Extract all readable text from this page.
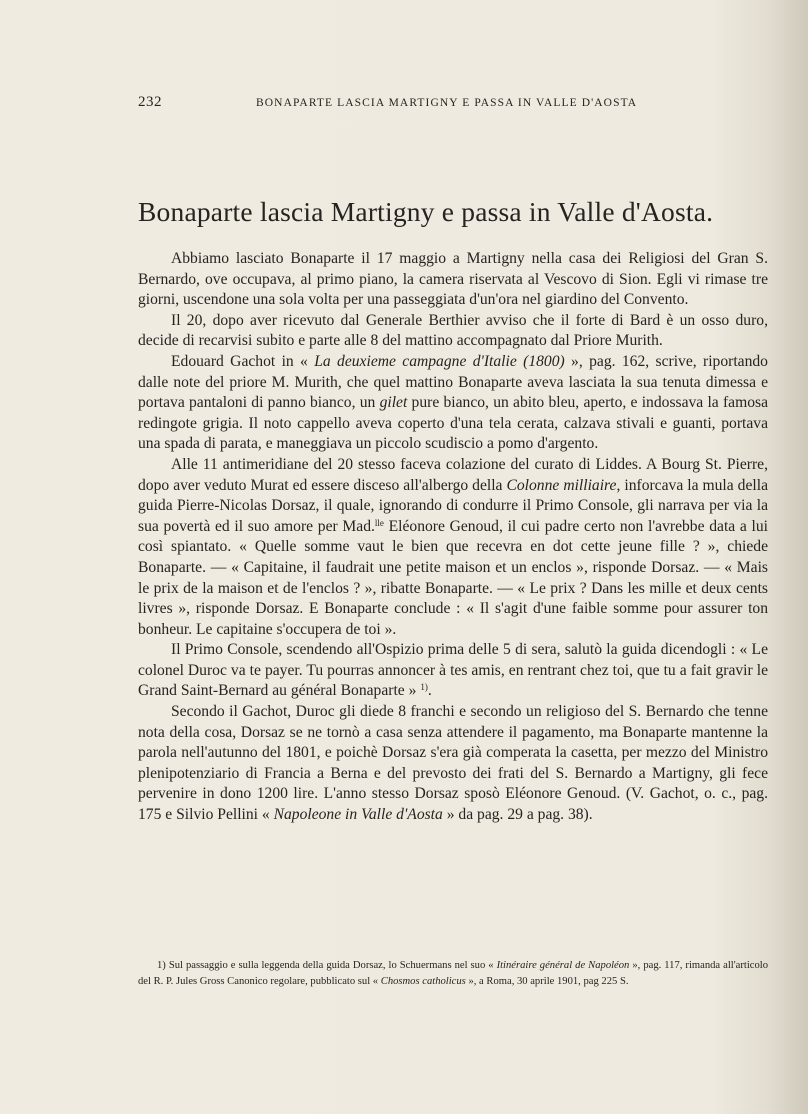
232	BONAPARTE LASCIA MARTIGNY E PASSA IN VALLE D'AOSTA
Bonaparte lascia Martigny e passa in Valle d'Aosta.

Abbiamo lasciato Bonaparte il 17 maggio a Martigny nella casa dei Religiosi del Gran S. Bernardo, ove occupava, al primo piano, la camera riservata al Vescovo di Sion. Egli vi rimase tre giorni, uscendone una sola volta per una passeggiata d'un'ora nel giardino del Convento.

Il 20, dopo aver ricevuto dal Generale Berthier avviso che il forte di Bard è un osso duro, decide di recarvisi subito e parte alle 8 del mattino accompagnato dal Priore Murith.

Edouard Gachot in « La deuxieme campagne d'Italie (1800) », pag. 162, scrive, riportando dalle note del priore M. Murith, che quel mattino Bonaparte aveva lasciata la sua tenuta dimessa e portava pantaloni di panno bianco, un gilet pure bianco, un abito bleu, aperto, e indossava la famosa redingote grigia. Il noto cappello aveva coperto d'una tela cerata, calzava stivali e guanti, portava una spada di parata, e maneggiava un piccolo scudiscio a pomo d'argento.

Alle 11 antimeridiane del 20 stesso faceva colazione del curato di Liddes. A Bourg St. Pierre, dopo aver veduto Murat ed essere disceso all'albergo della Colonne milliaire, inforcava la mula della guida Pierre-Nicolas Dorsaz, il quale, ignorando di condurre il Primo Console, gli narrava per via la sua povertà ed il suo amore per Mad.$^{lle}$ Eléonore Genoud, il cui padre certo non l'avrebbe data a lui così spiantato. « Quelle somme vaut le bien que recevra en dot cette jeune fille ? », chiede Bonaparte. — « Capitaine, il faudrait une petite maison et un enclos », risponde Dorsaz. — « Mais le prix de la maison et de l'enclos ? », ribatte Bonaparte. — « Le prix ? Dans les mille et deux cents livres », risponde Dorsaz. E Bonaparte conclude : « Il s'agit d'une faible somme pour assurer ton bonheur. Le capitaine s'occupera de toi ».

Il Primo Console, scendendo all'Ospizio prima delle 5 di sera, salutò la guida dicendogli : « Le colonel Duroc va te payer. Tu pourras annoncer à tes amis, en rentrant chez toi, que tu a fait gravir le Grand Saint-Bernard au général Bonaparte » $^{1)}$.

Secondo il Gachot, Duroc gli diede 8 franchi e secondo un religioso del S. Bernardo che tenne nota della cosa, Dorsaz se ne tornò a casa senza attendere il pagamento, ma Bonaparte mantenne la parola nell'autunno del 1801, e poichè Dorsaz s'era già comperata la casetta, per mezzo del Ministro plenipotenziario di Francia a Berna e del prevosto dei frati del S. Bernardo a Martigny, gli fece pervenire in dono 1200 lire. L'anno stesso Dorsaz sposò Eléonore Genoud. (V. Gachot, o. c., pag. 175 e Silvio Pellini « Napoleone in Valle d'Aosta » da pag. 29 a pag. 38).

1) Sul passaggio e sulla leggenda della guida Dorsaz, lo Schuermans nel suo « Itinéraire général de Napoléon », pag. 117, rimanda all'articolo del R. P. Jules Gross Canonico regolare, pubblicato sul « Chosmos catholicus », a Roma, 30 aprile 1901, pag 225 S.
